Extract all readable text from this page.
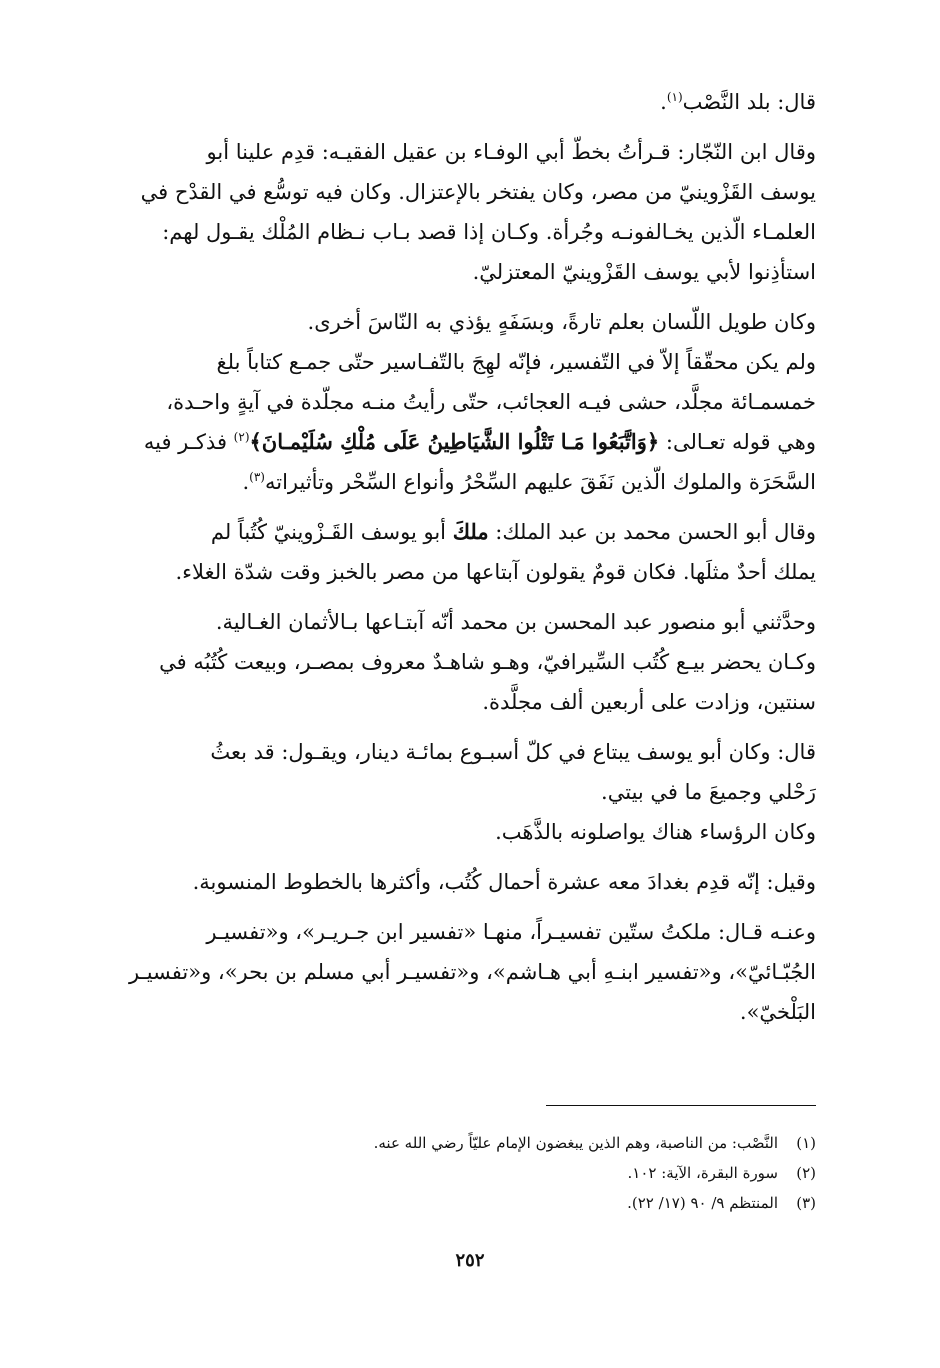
قال: بلد النَّصْب$^{(١)}$.

وقال ابن النّجّار: قـرأتُ بخطّ أبي الوفـاء بن عقيل الفقيـه: قدِم علينا أبو
يوسف القَزْوينيّ من مصر، وكان يفتخر بالإعتزال. وكان فيه توسُّع في القدْح في
العلمـاء الّذين يخـالفونـه وجُرأة. وكـان إذا قصد بـاب نـظام المُلْك يقـول لهم:
استأذِنوا لأبي يوسف القَزْوينيّ المعتزليّ.

وكان طويل اللّسان بعلم تارةً، وبسَفَهٍ يؤذي به النّاسَ أخرى.

ولم يكن محقّقاً إلاّ في التّفسير، فإنّه لهِجَ بالتّفـاسير حتّى جمـع كتاباً بلغ
خمسمـائة مجلَّد، حشى فيـه العجائب، حتّى رأيتُ منـه مجلّدة في آيةٍ واحـدة،
وهي قوله تعـالى: ﴿وَاتَّبَعُوا مَـا تَتْلُوا الشَّيَاطِينُ عَلَى مُلْكِ سُلَيْمـانَ﴾$^{(٢)}$ فذكـر فيه
السَّحَرَة والملوك الّذين نَفَقَ عليهم السِّحْرُ وأنواع السِّحْر وتأثيراته$^{(٣)}$.

وقال أبو الحسن محمد بن عبد الملك: ملكَ أبو يوسف القَـزْوينيّ كُتُباً لم
يملك أحدٌ مثلَها. فكان قومٌ يقولون آبتاعها من مصر بالخبز وقت شدّة الغلاء.

وحدَّثني أبو منصور عبد المحسن بن محمد أنّه آبتـاعها بـالأثمان الغـالية.
وكـان يحضر بيـع كُتُب السِّيرافيّ، وهـو شاهـدٌ معروف بمصـر، وبيعت كُتُبُه في
سنتين، وزادت على أربعين ألف مجلَّدة.

قال: وكان أبو يوسف يبتاع في كلّ أسبـوع بمائـة دينار، ويقـول: قد بعثُ
رَحْلي وجميعَ ما في بيتي.
وكان الرؤساء هناك يواصلونه بالذَّهَب.

وقيل: إنّه قدِم بغدادَ معه عشرة أحمال كُتُب، وأكثرها بالخطوط المنسوبة.

وعنـه قـال: ملكتُ ستّين تفسيـراً، منهـا «تفسير ابن جـريـر»، و«تفسيـر
الجُبّـائيّ»، و«تفسير ابنـهِ أبي هـاشم»، و«تفسيـر أبي مسلم بن بحر»، و«تفسيـر
البَلْخيّ».

(١)النَّصْب: من الناصبة، وهم الذين يبغضون الإمام عليّاً رضي الله عنه.
(٢)سورة البقرة، الآية: ١٠٢.
(٣)المنتظم ٩/ ٩٠ (١٧/ ٢٢).
٢٥٢
